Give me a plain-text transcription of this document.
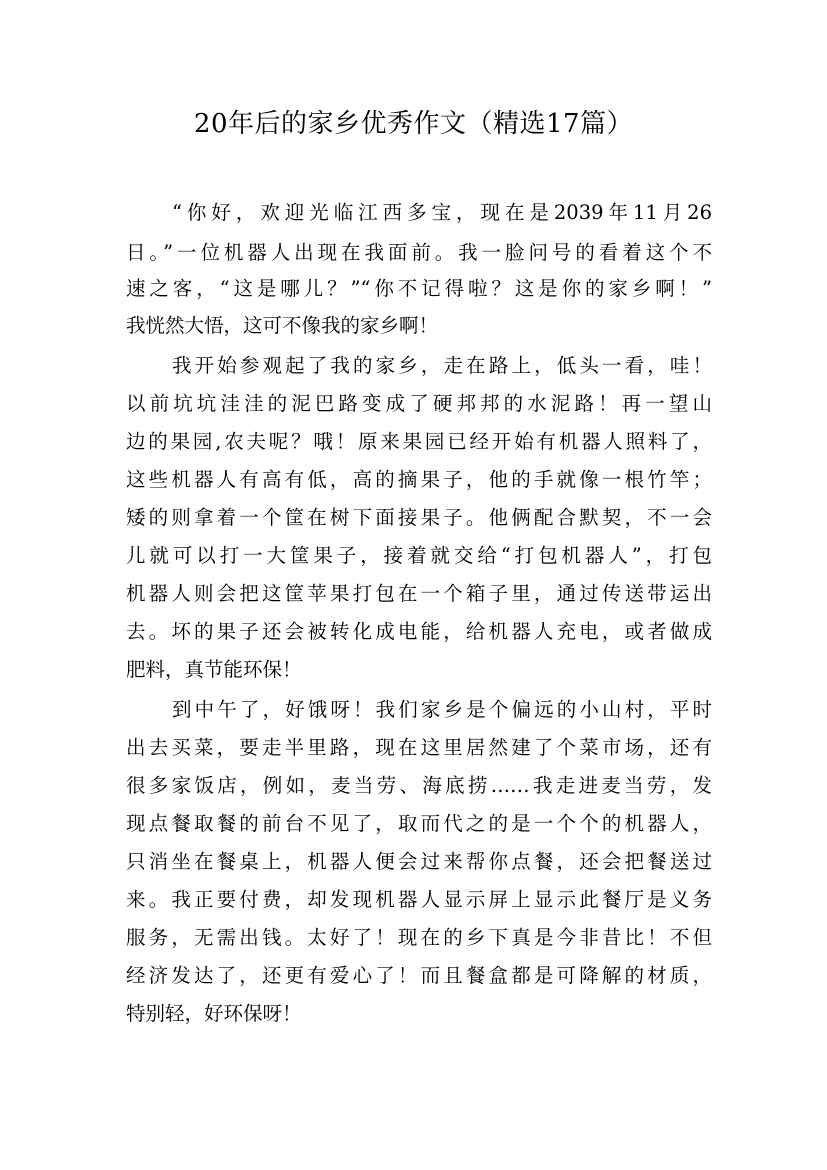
20年后的家乡优秀作文（精选17篇）

“你好，欢迎光临江西多宝，现在是2039年11月26

日。”一位机器人出现在我面前。我一脸问号的看着这个不

速之客，“这是哪儿？”“你不记得啦？这是你的家乡啊！”

我恍然大悟，这可不像我的家乡啊！

我开始参观起了我的家乡，走在路上，低头一看，哇！

以前坑坑洼洼的泥巴路变成了硬邦邦的水泥路！再一望山

边的果园,农夫呢？哦！原来果园已经开始有机器人照料了，

这些机器人有高有低，高的摘果子，他的手就像一根竹竿；

矮的则拿着一个筐在树下面接果子。他俩配合默契，不一会

儿就可以打一大筐果子，接着就交给“打包机器人”，打包

机器人则会把这筐苹果打包在一个箱子里，通过传送带运出

去。坏的果子还会被转化成电能，给机器人充电，或者做成

肥料，真节能环保！

到中午了，好饿呀！我们家乡是个偏远的小山村，平时

出去买菜，要走半里路，现在这里居然建了个菜市场，还有

很多家饭店，例如，麦当劳、海底捞……我走进麦当劳，发

现点餐取餐的前台不见了，取而代之的是一个个的机器人，

只消坐在餐桌上，机器人便会过来帮你点餐，还会把餐送过

来。我正要付费，却发现机器人显示屏上显示此餐厅是义务

服务，无需出钱。太好了！现在的乡下真是今非昔比！不但

经济发达了，还更有爱心了！而且餐盒都是可降解的材质，

特别轻，好环保呀！
